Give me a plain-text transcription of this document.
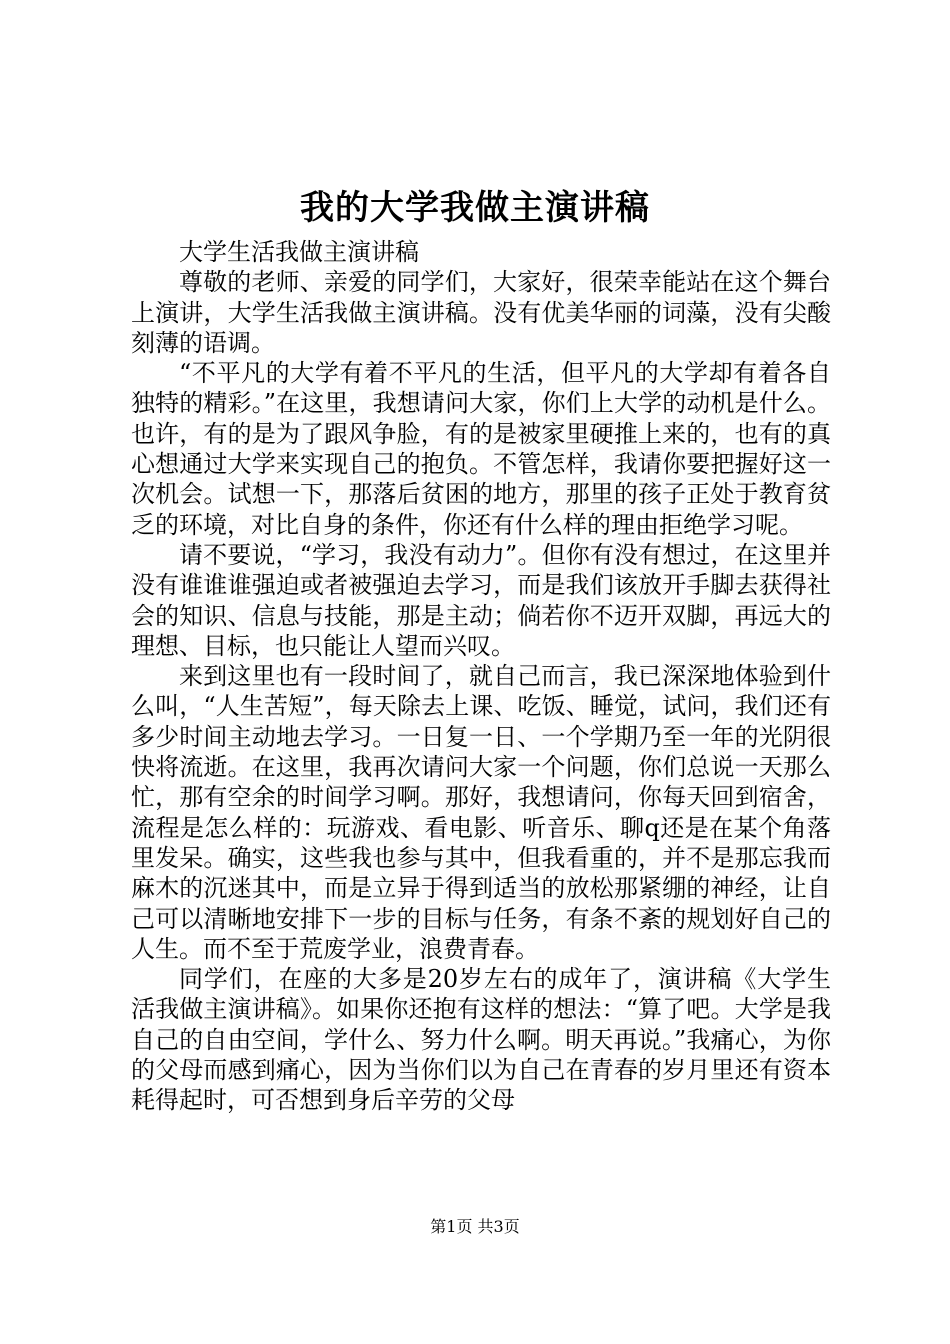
我的大学我做主演讲稿

大学生活我做主演讲稿

尊敬的老师、亲爱的同学们，大家好，很荣幸能站在这个舞台上演讲，大学生活我做主演讲稿。没有优美华丽的词藻，没有尖酸刻薄的语调。

“不平凡的大学有着不平凡的生活，但平凡的大学却有着各自独特的精彩。”在这里，我想请问大家，你们上大学的动机是什么。也许，有的是为了跟风争脸，有的是被家里硬推上来的，也有的真心想通过大学来实现自己的抱负。不管怎样，我请你要把握好这一次机会。试想一下，那落后贫困的地方，那里的孩子正处于教育贫乏的环境，对比自身的条件，你还有什么样的理由拒绝学习呢。

请不要说，“学习，我没有动力”。但你有没有想过，在这里并没有谁谁谁强迫或者被强迫去学习，而是我们该放开手脚去获得社会的知识、信息与技能，那是主动；倘若你不迈开双脚，再远大的理想、目标，也只能让人望而兴叹。

来到这里也有一段时间了，就自己而言，我已深深地体验到什么叫，“人生苦短”，每天除去上课、吃饭、睡觉，试问，我们还有多少时间主动地去学习。一日复一日、一个学期乃至一年的光阴很快将流逝。在这里，我再次请问大家一个问题，你们总说一天那么忙，那有空余的时间学习啊。那好，我想请问，你每天回到宿舍，流程是怎么样的：玩游戏、看电影、听音乐、聊q还是在某个角落里发呆。确实，这些我也参与其中，但我看重的，并不是那忘我而麻木的沉迷其中，而是立异于得到适当的放松那紧绷的神经，让自己可以清晰地安排下一步的目标与任务，有条不紊的规划好自己的人生。而不至于荒废学业，浪费青春。

同学们，在座的大多是20岁左右的成年了，演讲稿《大学生活我做主演讲稿》。如果你还抱有这样的想法：“算了吧。大学是我自己的自由空间，学什么、努力什么啊。明天再说。”我痛心，为你的父母而感到痛心，因为当你们以为自己在青春的岁月里还有资本耗得起时，可否想到身后辛劳的父母

第1页 共3页
